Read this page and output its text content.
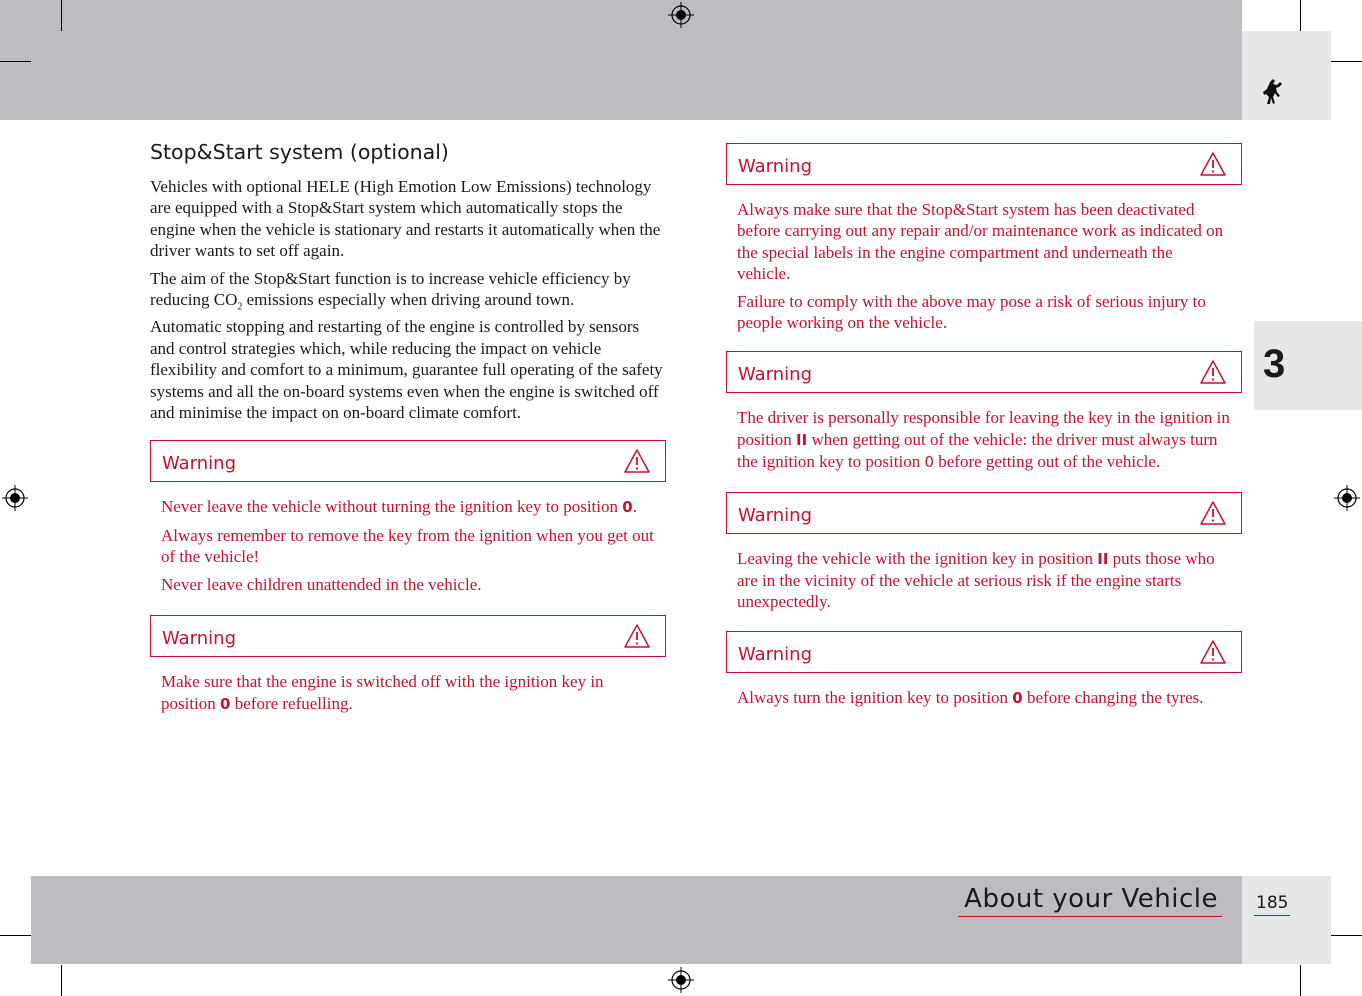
3
About your Vehicle 185
Stop&Start system (optional)

Vehicles with optional HELE (High Emotion Low Emissions) technology are equipped with a Stop&Start system which automatically stops the engine when the vehicle is stationary and restarts it automatically when the driver wants to set off again.

The aim of the Stop&Start function is to increase vehicle efficiency by reducing $CO_2$ emissions especially when driving around town.

Automatic stopping and restarting of the engine is controlled by sensors and control strategies which, while reducing the impact on vehicle flexibility and comfort to a minimum, guarantee full operating of the safety systems and all the on-board systems even when the engine is switched off and minimise the impact on on-board climate comfort.

Warning

Never leave the vehicle without turning the ignition key to position 0.

Always remember to remove the key from the ignition when you get out of the vehicle!

Never leave children unattended in the vehicle.

Warning

Make sure that the engine is switched off with the ignition key in position 0 before refuelling.

Warning

Always make sure that the Stop&Start system has been deactivated before carrying out any repair and/or maintenance work as indicated on the special labels in the engine compartment and underneath the vehicle.

Failure to comply with the above may pose a risk of serious injury to people working on the vehicle.

Warning

The driver is personally responsible for leaving the key in the ignition in position II when getting out of the vehicle: the driver must always turn the ignition key to position 0 before getting out of the vehicle.

Warning

Leaving the vehicle with the ignition key in position II puts those who are in the vicinity of the vehicle at serious risk if the engine starts unexpectedly.

Warning

Always turn the ignition key to position 0 before changing the tyres.
